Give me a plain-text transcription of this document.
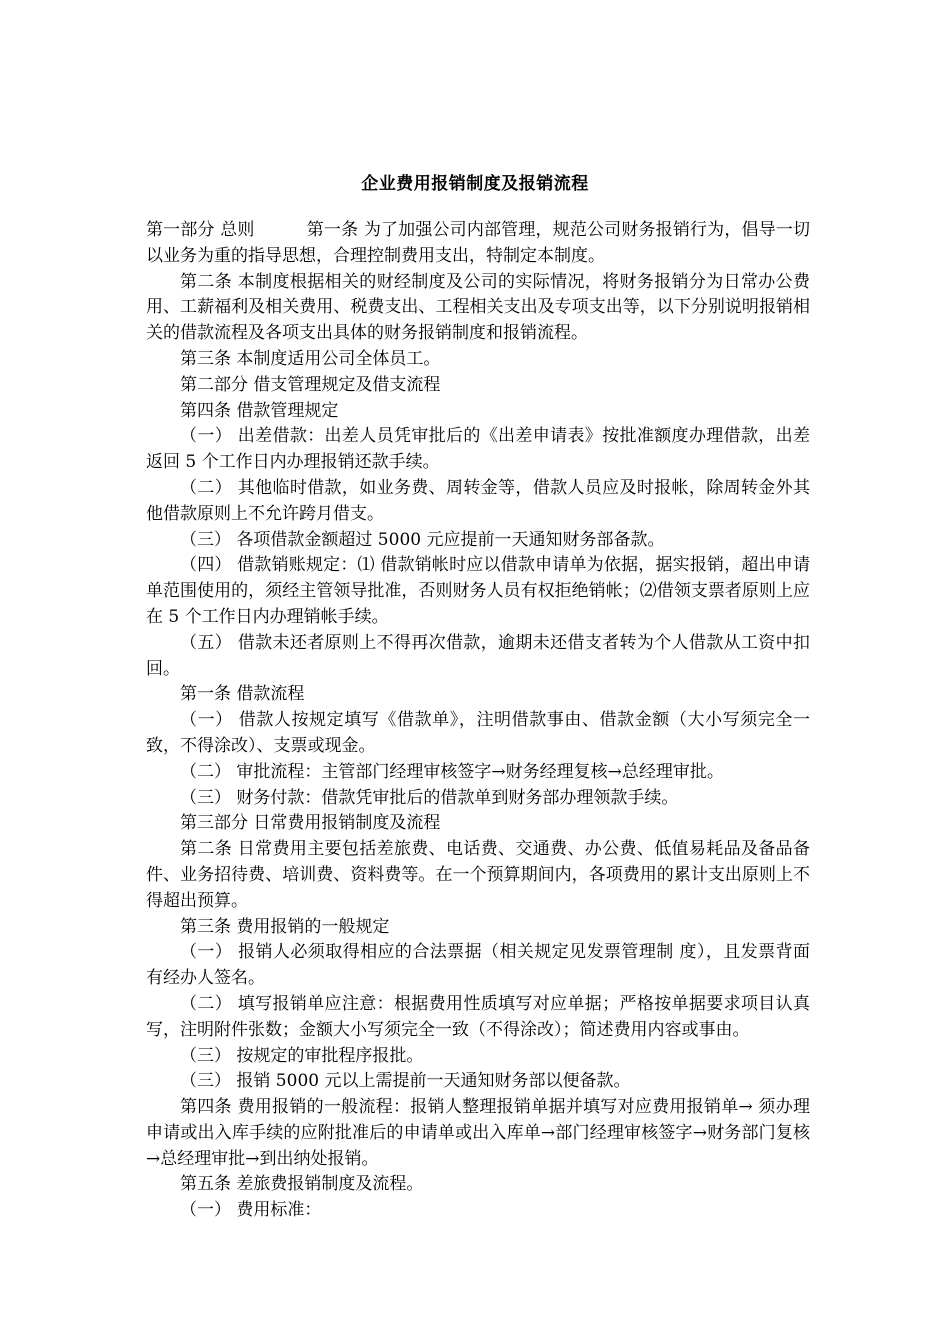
企业费用报销制度及报销流程

第一部分 总则	第一条 为了加强公司内部管理，规范公司财务报销行为，倡导一切以业务为重的指导思想，合理控制费用支出，特制定本制度。

第二条 本制度根据相关的财经制度及公司的实际情况，将财务报销分为日常办公费用、工薪福利及相关费用、税费支出、工程相关支出及专项支出等，以下分别说明报销相关的借款流程及各项支出具体的财务报销制度和报销流程。

第三条 本制度适用公司全体员工。

第二部分 借支管理规定及借支流程

第四条 借款管理规定

（一） 出差借款：出差人员凭审批后的《出差申请表》按批准额度办理借款，出差返回 5 个工作日内办理报销还款手续。

（二） 其他临时借款，如业务费、周转金等，借款人员应及时报帐，除周转金外其他借款原则上不允许跨月借支。

（三） 各项借款金额超过 5000 元应提前一天通知财务部备款。

（四） 借款销账规定：⑴ 借款销帐时应以借款申请单为依据，据实报销，超出申请单范围使用的，须经主管领导批准，否则财务人员有权拒绝销帐；⑵借领支票者原则上应在 5 个工作日内办理销帐手续。

（五） 借款未还者原则上不得再次借款，逾期未还借支者转为个人借款从工资中扣回。

第一条 借款流程

（一） 借款人按规定填写《借款单》，注明借款事由、借款金额（大小写须完全一致，不得涂改）、支票或现金。

（二） 审批流程：主管部门经理审核签字→财务经理复核→总经理审批。

（三） 财务付款：借款凭审批后的借款单到财务部办理领款手续。

第三部分 日常费用报销制度及流程

第二条 日常费用主要包括差旅费、电话费、交通费、办公费、低值易耗品及备品备件、业务招待费、培训费、资料费等。在一个预算期间内，各项费用的累计支出原则上不得超出预算。

第三条 费用报销的一般规定

（一） 报销人必须取得相应的合法票据（相关规定见发票管理制 度），且发票背面有经办人签名。

（二） 填写报销单应注意：根据费用性质填写对应单据；严格按单据要求项目认真写，注明附件张数；金额大小写须完全一致（不得涂改）；简述费用内容或事由。

（三） 按规定的审批程序报批。

（三） 报销 5000 元以上需提前一天通知财务部以便备款。

第四条 费用报销的一般流程：报销人整理报销单据并填写对应费用报销单→ 须办理申请或出入库手续的应附批准后的申请单或出入库单→部门经理审核签字→财务部门复核→总经理审批→到出纳处报销。

第五条 差旅费报销制度及流程。

（一） 费用标准：
